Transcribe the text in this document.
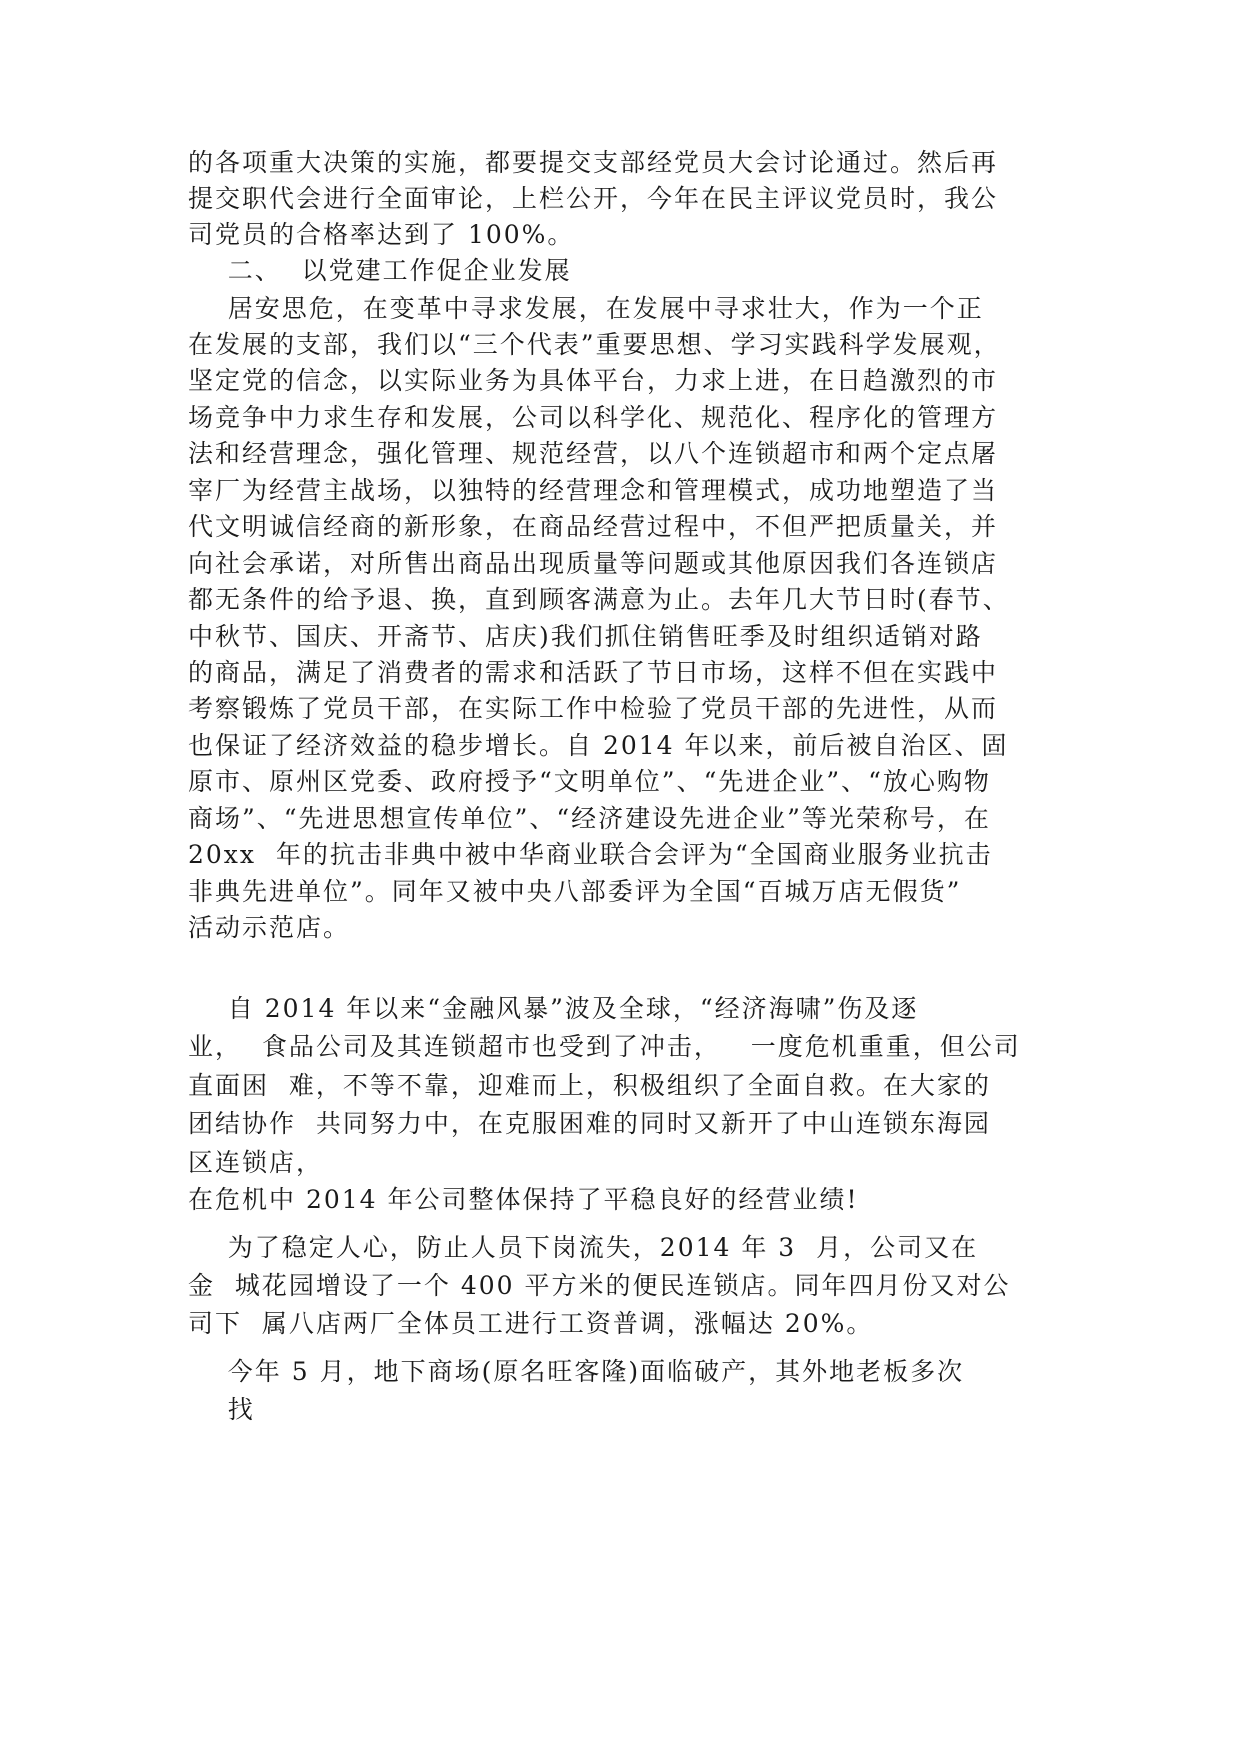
的各项重大决策的实施，都要提交支部经党员大会讨论通过。然后再

提交职代会进行全面审论，上栏公开，今年在民主评议党员时，我公

司党员的合格率达到了 100%。

二、  以党建工作促企业发展

居安思危，在变革中寻求发展，在发展中寻求壮大，作为一个正

在发展的支部，我们以“三个代表”重要思想、学习实践科学发展观，

坚定党的信念，以实际业务为具体平台，力求上进，在日趋激烈的市

场竞争中力求生存和发展，公司以科学化、规范化、程序化的管理方

法和经营理念，强化管理、规范经营，以八个连锁超市和两个定点屠

宰厂为经营主战场，以独特的经营理念和管理模式，成功地塑造了当

代文明诚信经商的新形象，在商品经营过程中，不但严把质量关，并

向社会承诺，对所售出商品出现质量等问题或其他原因我们各连锁店

都无条件的给予退、换，直到顾客满意为止。去年几大节日时(春节、

中秋节、国庆、开斋节、店庆)我们抓住销售旺季及时组织适销对路

的商品，满足了消费者的需求和活跃了节日市场，这样不但在实践中

考察锻炼了党员干部，在实际工作中检验了党员干部的先进性，从而

也保证了经济效益的稳步增长。自 2014 年以来，前后被自治区、固

原市、原州区党委、政府授予“文明单位”、“先进企业”、“放心购物

商场”、“先进思想宣传单位”、“经济建设先进企业”等光荣称号，在

20xx  年的抗击非典中被中华商业联合会评为“全国商业服务业抗击

非典先进单位”。同年又被中央八部委评为全国“百城万店无假货”

活动示范店。

自 2014 年以来“金融风暴”波及全球，“经济海啸”伤及逐

业，  食品公司及其连锁超市也受到了冲击，   一度危机重重，但公司

直面困  难，不等不靠，迎难而上，积极组织了全面自救。在大家的

团结协作  共同努力中，在克服困难的同时又新开了中山连锁东海园

区连锁店，

在危机中 2014 年公司整体保持了平稳良好的经营业绩!

为了稳定人心，防止人员下岗流失，2014 年 3  月，公司又在

金  城花园增设了一个 400 平方米的便民连锁店。同年四月份又对公

司下  属八店两厂全体员工进行工资普调，涨幅达 20%。

今年 5 月，地下商场(原名旺客隆)面临破产，其外地老板多次

找
